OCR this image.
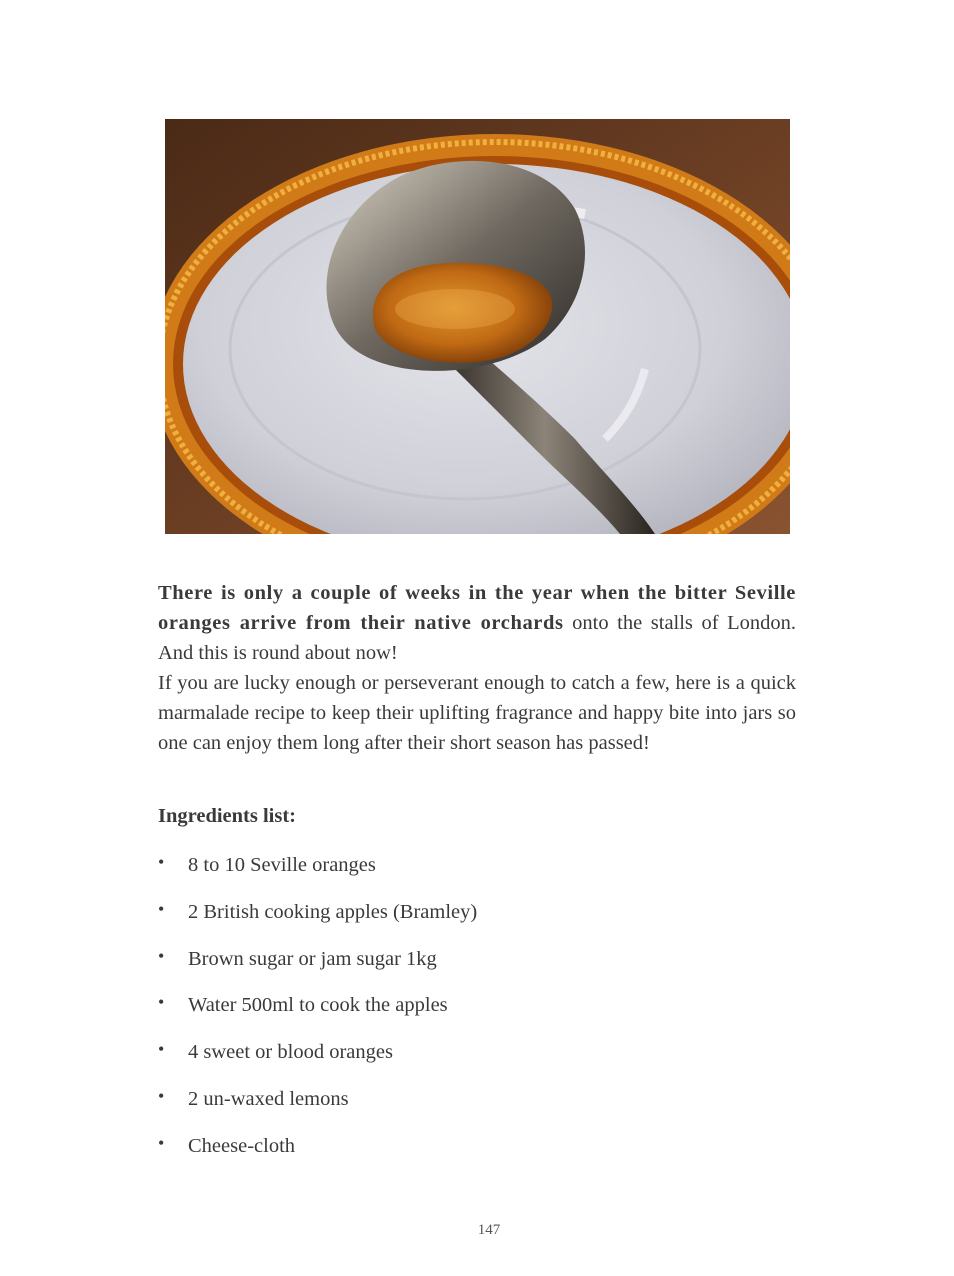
There is only a couple of weeks in the year when the bitter Seville oranges arrive from their native orchards onto the stalls of London. And this is round about now!

If you are lucky enough or perseverant enough to catch a few, here is a quick marmalade recipe to keep their uplifting fragrance and happy bite into jars so one can enjoy them long after their short season has passed!

Ingredients list:
• 8 to 10 Seville oranges
• 2 British cooking apples (Bramley)
• Brown sugar or jam sugar 1kg
• Water 500ml to cook the apples
• 4 sweet or blood oranges
• 2 un-waxed lemons
• Cheese-cloth
147
